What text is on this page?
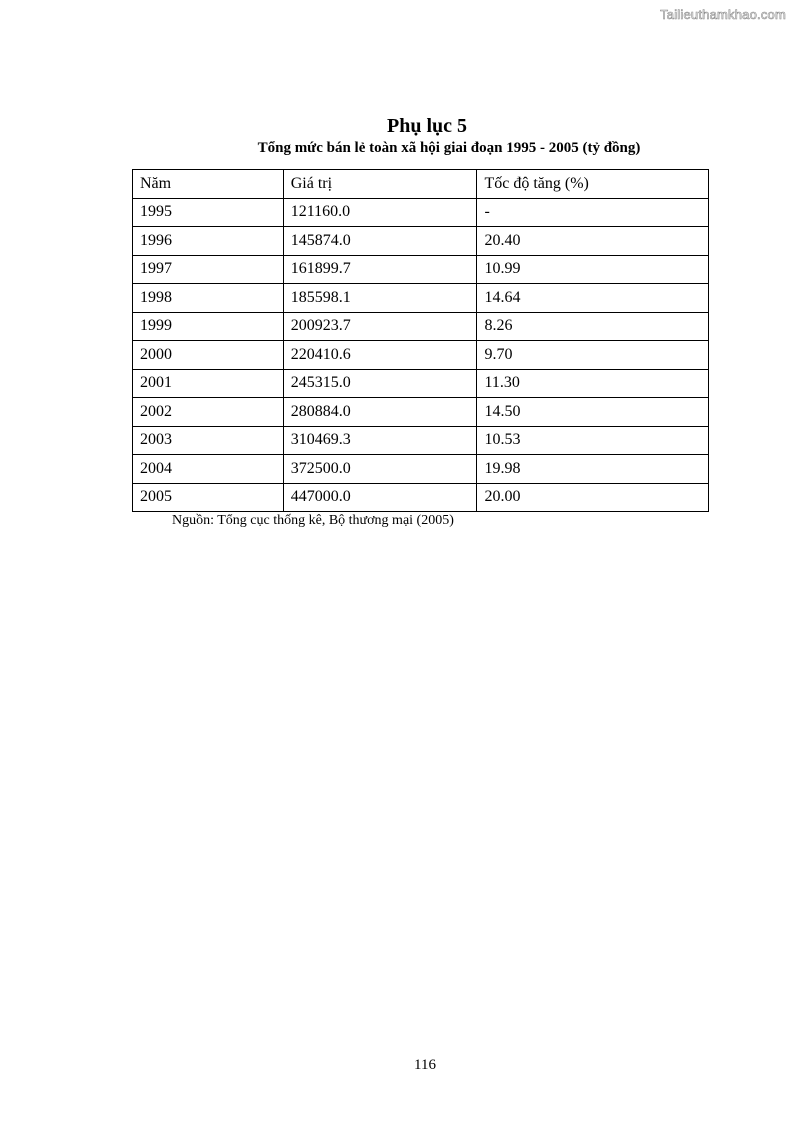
Tailieuthamkhao.com
Phụ lục 5
Tổng mức bán lẻ toàn xã hội giai đoạn 1995 - 2005 (tỷ đồng)
Năm	Giá trị	Tốc độ tăng (%)
1995	121160.0	-
1996	145874.0	20.40
1997	161899.7	10.99
1998	185598.1	14.64
1999	200923.7	8.26
2000	220410.6	9.70
2001	245315.0	11.30
2002	280884.0	14.50
2003	310469.3	10.53
2004	372500.0	19.98
2005	447000.0	20.00

Nguồn: Tổng cục thống kê, Bộ thương mại (2005)

116
